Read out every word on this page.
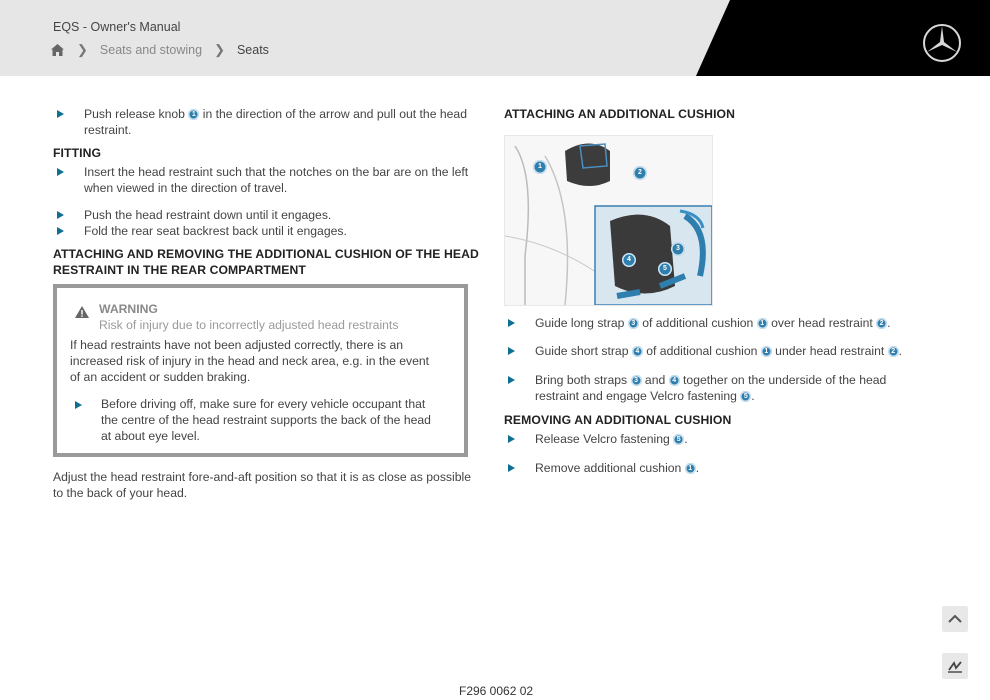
EQS - Owner's Manual
❯ Seats and stowing ❯ Seats
Push release knob 1 in the direction of the arrow and pull out the head
restraint.
FITTING
Insert the head restraint such that the notches on the bar are on the left
when viewed in the direction of travel.
Push the head restraint down until it engages.
Fold the rear seat backrest back until it engages.
ATTACHING AND REMOVING THE ADDITIONAL CUSHION OF THE HEAD
RESTRAINT IN THE REAR COMPARTMENT
WARNING
Risk of injury due to incorrectly adjusted head restraints
If head restraints have not been adjusted correctly, there is an
increased risk of injury in the head and neck area, e.g. in the event
of an accident or sudden braking.
Before driving off, make sure for every vehicle occupant that
the centre of the head restraint supports the back of the head
at about eye level.
Adjust the head restraint fore-and-aft position so that it is as close as possible
to the back of your head.
ATTACHING AN ADDITIONAL CUSHION
1
2
3
4
5
Guide long strap 3 of additional cushion 1 over head restraint 2 .
Guide short strap 4 of additional cushion 1 under head restraint 2 .
Bring both straps 3 and 4 together on the underside of the head
restraint and engage Velcro fastening 5 .
REMOVING AN ADDITIONAL CUSHION
Release Velcro fastening 5 .
Remove additional cushion 1 .
F296 0062 02
